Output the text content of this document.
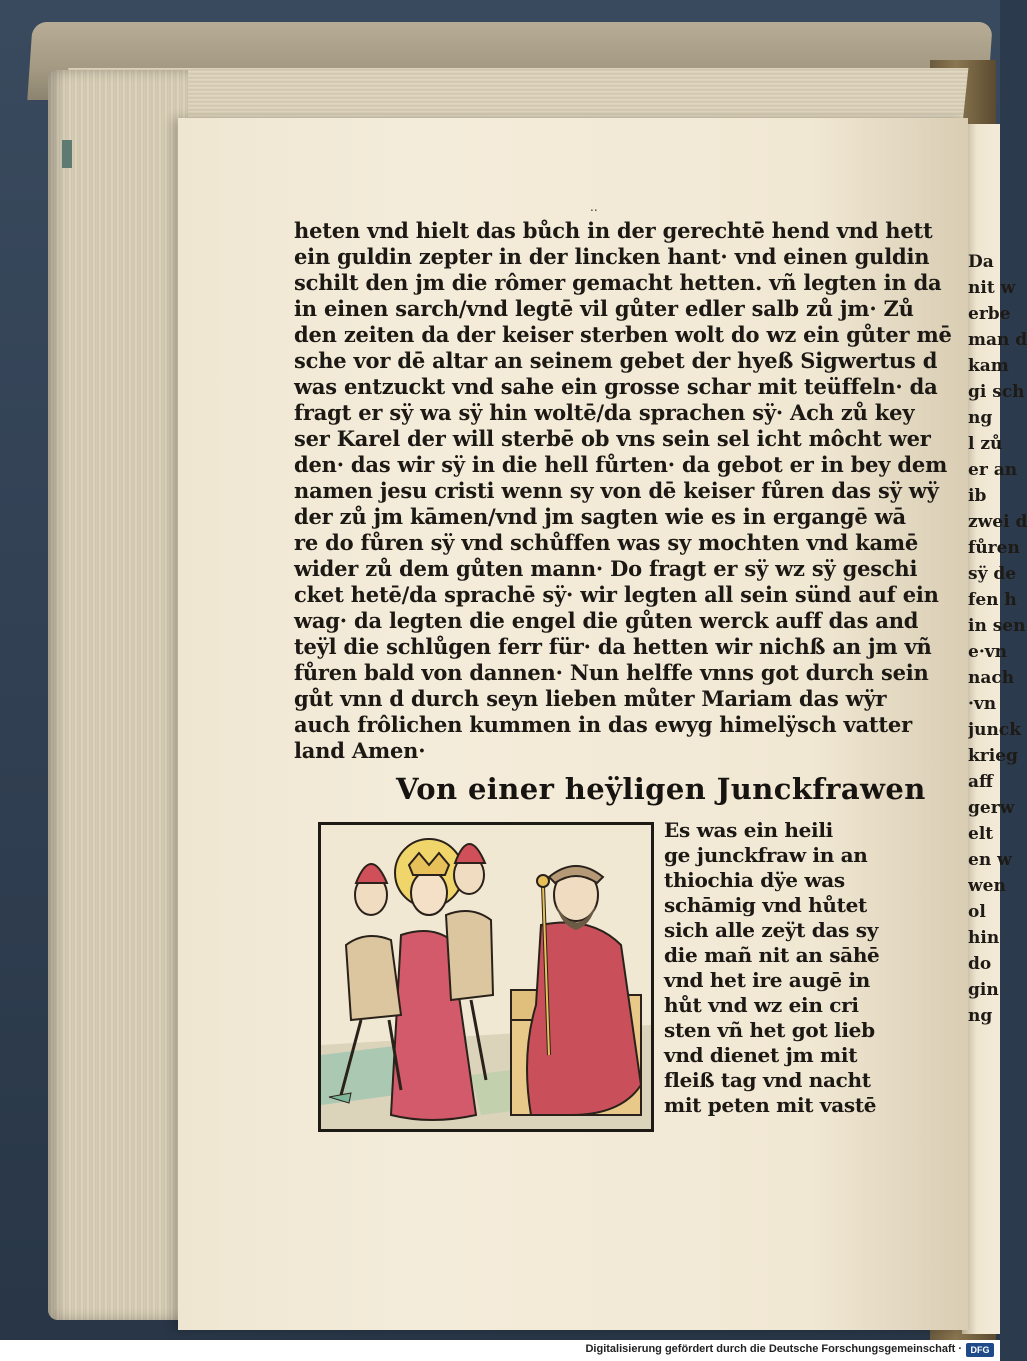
Da
nit w
erbe
man d
kam
gi sch
ng
l zů
er an
ib
zwei d
fůren
sÿ de
fen h
in sen
e·vn
nach
·vn
junck
krieg
aff
gerw
elt
en w
wen
ol
hin
do
gin
ng
..
heten vnd hielt das bůch in der gerechtē hend vnd hett
ein guldin zepter in der lincken hant· vnd einen guldin
schilt den jm die rômer gemacht hetten. vñ legten in da
in einen sarch/vnd legtē vil gůter edler salb zů jm· Zů
den zeiten da der keiser sterben wolt do wz ein gůter mē
sche vor dē altar an seinem gebet der hyeß Sigwertus d
was entzuckt vnd sahe ein grosse schar mit teüffeln· da
fragt er sÿ wa sÿ hin woltē/da sprachen sÿ· Ach zů key
ser Karel der will sterbē ob vns sein sel icht môcht wer
den· das wir sÿ in die hell fůrten· da gebot er in bey dem
namen jesu cristi wenn sy von dē keiser fůren das sÿ wÿ
der zů jm kāmen/vnd jm sagten wie es in ergangē wā
re do fůren sÿ vnd schůffen was sy mochten vnd kamē
wider zů dem gůten mann· Do fragt er sÿ wz sÿ geschi
cket hetē/da sprachē sÿ· wir legten all sein sünd auf ein
wag· da legten die engel die gůten werck auff das and
teÿl die schlůgen ferr für· da hetten wir nichß an jm vñ
fůren bald von dannen· Nun helffe vnns got durch sein
gůt vnn d durch seyn lieben můter Mariam das wÿr
auch frôlichen kummen in das ewyg himelÿsch vatter
land Amen·
Von einer heÿligen Junckfrawen
Es was ein heili
ge junckfraw in an
thiochia dÿe was
schāmig vnd hůtet
sich alle zeÿt das sy
die mañ nit an sāhē
vnd het ire augē in
hůt vnd wz ein cri
sten vñ het got lieb
vnd dienet jm mit
fleiß tag vnd nacht
mit peten mit vastē
Digitalisierung gefördert durch die Deutsche Forschungsgemeinschaft · DFG
